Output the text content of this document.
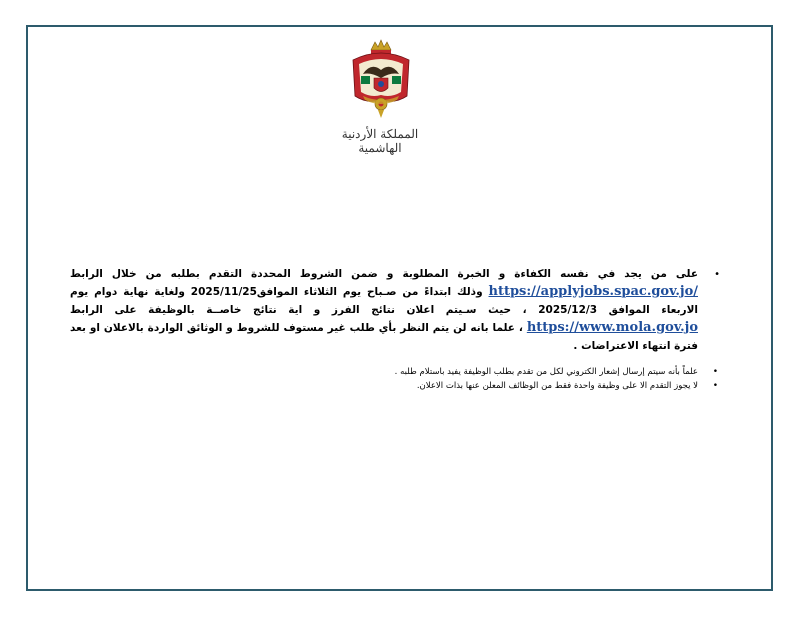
المملكة الأردنية الهاشمية
•

على من يجد في نفسه الكفاءة و الخبرة المطلوبة و ضمن الشروط المحددة التقدم بطلبه من خلال الرابط https://applyjobs.spac.gov.jo/ وذلك ابتداءً من صـباح يوم الثلاثاء الموافق2025/11/25 ولغاية نهاية دوام يوم الاربعاء الموافق 2025/12/3 ، حيث سـيتم اعلان نتائج الفرز و اية نتائج خاصــة بالوظيفة على الرابط https://www.mola.gov.jo ، علما بانه لن يتم النظر بأي طلب غير مستوف للشروط و الوثائق الواردة بالاعلان او بعد فترة انتهاء الاعتراضات .

•
علماً بأنه سيتم إرسال إشعار الكتروني لكل من تقدم بطلب الوظيفة يفيد باستلام طلبه .
•
لا يجوز التقدم الا على وظيفة واحدة فقط من الوظائف المعلن عنها بذات الاعلان.
